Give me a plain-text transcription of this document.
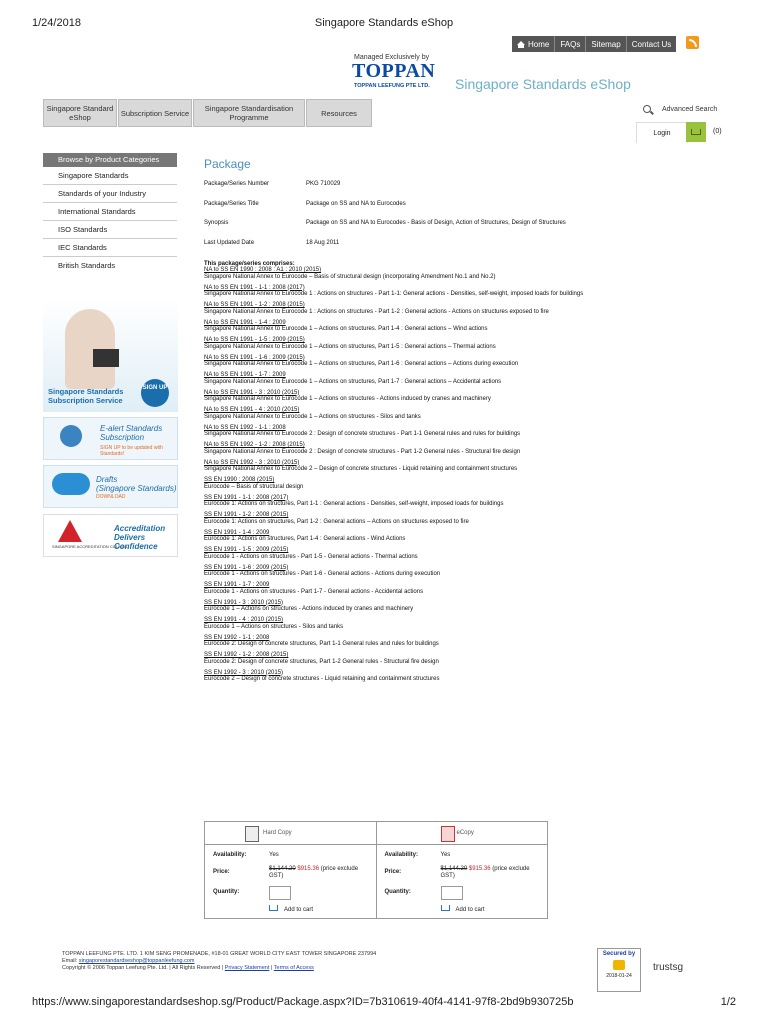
1/24/2018	Singapore Standards eShop
Home	FAQs	Sitemap	Contact Us
Managed Exclusively by
TOPPAN
TOPPAN LEEFUNG PTE LTD. Singapore Standards eShop
Singapore Standard eShop	Subscription Service	Singapore Standardisation Programme	Resources	Advanced Search
Login	(0)
Browse by Product Categories
Singapore Standards
Standards of your Industry
International Standards
ISO Standards
IEC Standards
British Standards
Singapore Standards
Subscription Service
SIGN UP
E-alert Standards
Subscription
SIGN UP to be updated with Standards!
Drafts
(Singapore Standards)
DOWNLOAD
SINGAPORE ACCREDITATION COUNCIL
Accreditation
Delivers
Confidence
Package
Package/Series Number	PKG 710029
Package/Series Title	Package on SS and NA to Eurocodes
Synopsis	Package on SS and NA to Eurocodes - Basis of Design, Action of Structures, Design of Structures
Last Updated Date	18 Aug 2011
This package/series comprises:
NA to SS EN 1990 : 2008 : A1 : 2010 (2015)
Singapore National Annex to Eurocode – Basis of structural design (incorporating Amendment No.1 and No.2)
NA to SS EN 1991 - 1-1 : 2008 (2017)
Singapore National Annex to Eurocode 1 : Actions on structures - Part 1-1: General actions - Densities, self-weight, imposed loads for buildings
NA to SS EN 1991 - 1-2 : 2008 (2015)
Singapore National Annex to Eurocode 1 : Actions on structures - Part 1-2 : General actions - Actions on structures exposed to fire
NA to SS EN 1991 - 1-4 : 2009
Singapore National Annex to Eurocode 1 – Actions on structures. Part 1-4 : General actions – Wind actions
NA to SS EN 1991 - 1-5 : 2009 (2015)
Singapore National Annex to Eurocode 1 – Actions on structures, Part 1-5 : General actions – Thermal actions
NA to SS EN 1991 - 1-6 : 2009 (2015)
Singapore National Annex to Eurocode 1 – Actions on structures, Part 1-6 : General actions – Actions during execution
NA to SS EN 1991 - 1-7 : 2009
Singapore National Annex to Eurocode 1 – Actions on structures, Part 1-7 : General actions – Accidental actions
NA to SS EN 1991 - 3 : 2010 (2015)
Singapore National Annex to Eurocode 1 – Actions on structures - Actions induced by cranes and machinery
NA to SS EN 1991 - 4 : 2010 (2015)
Singapore National Annex to Eurocode 1 – Actions on structures - Silos and tanks
NA to SS EN 1992 - 1-1 : 2008
Singapore National Annex to Eurocode 2 : Design of concrete structures - Part 1-1 General rules and rules for buildings
NA to SS EN 1992 - 1-2 : 2008 (2015)
Singapore National Annex to Eurocode 2 : Design of concrete structures - Part 1-2 General rules - Structural fire design
NA to SS EN 1992 - 3 : 2010 (2015)
Singapore National Annex to Eurocode 2 – Design of concrete structures - Liquid retaining and containment structures
SS EN 1990 : 2008 (2015)
Eurocode – Basis of structural design
SS EN 1991 - 1-1 : 2008 (2017)
Eurocode 1: Actions on structures, Part 1-1 : General actions - Densities, self-weight, imposed loads for buildings
SS EN 1991 - 1-2 : 2008 (2015)
Eurocode 1: Actions on structures, Part 1-2 : General actions – Actions on structures exposed to fire
SS EN 1991 - 1-4 : 2009
Eurocode 1: Actions on structures, Part 1-4 : General actions - Wind Actions
SS EN 1991 - 1-5 : 2009 (2015)
Eurocode 1 - Actions on structures - Part 1-5 - General actions - Thermal actions
SS EN 1991 - 1-6 : 2009 (2015)
Eurocode 1 - Actions on structures - Part 1-6 - General actions - Actions during execution
SS EN 1991 - 1-7 : 2009
Eurocode 1 - Actions on structures - Part 1-7 - General actions - Accidental actions
SS EN 1991 - 3 : 2010 (2015)
Eurocode 1 – Actions on structures - Actions induced by cranes and machinery
SS EN 1991 - 4 : 2010 (2015)
Eurocode 1 – Actions on structures - Silos and tanks
SS EN 1992 - 1-1 : 2008
Eurocode 2: Design of concrete structures, Part 1-1 General rules and rules for buildings
SS EN 1992 - 1-2 : 2008 (2015)
Eurocode 2: Design of concrete structures, Part 1-2 General rules - Structural fire design
SS EN 1992 - 3 : 2010 (2015)
Eurocode 2 – Design of concrete structures - Liquid retaining and containment structures
Hard Copy
Availability:	Yes
Price:	$1,144.20 $915.36 (price exclude GST)
Quantity:
Add to cart
eCopy
Availability:	Yes
Price:	$1,144.20 $915.36 (price exclude GST)
Quantity:
Add to cart
TOPPAN LEEFUNG PTE. LTD. 1 KIM SENG PROMENADE, #18-01 GREAT WORLD CITY EAST TOWER SINGAPORE 237994
Email: singaporestandardseshop@toppanleefung.com
Copyright © 2006 Toppan Leefung Pte. Ltd. | All Rights Reserved | Privacy Statement | Terms of Access
Secured by
2018-01-24
trustsg
https://www.singaporestandardseshop.sg/Product/Package.aspx?ID=7b310619-40f4-4141-97f8-2bd9b930725b	1/2
